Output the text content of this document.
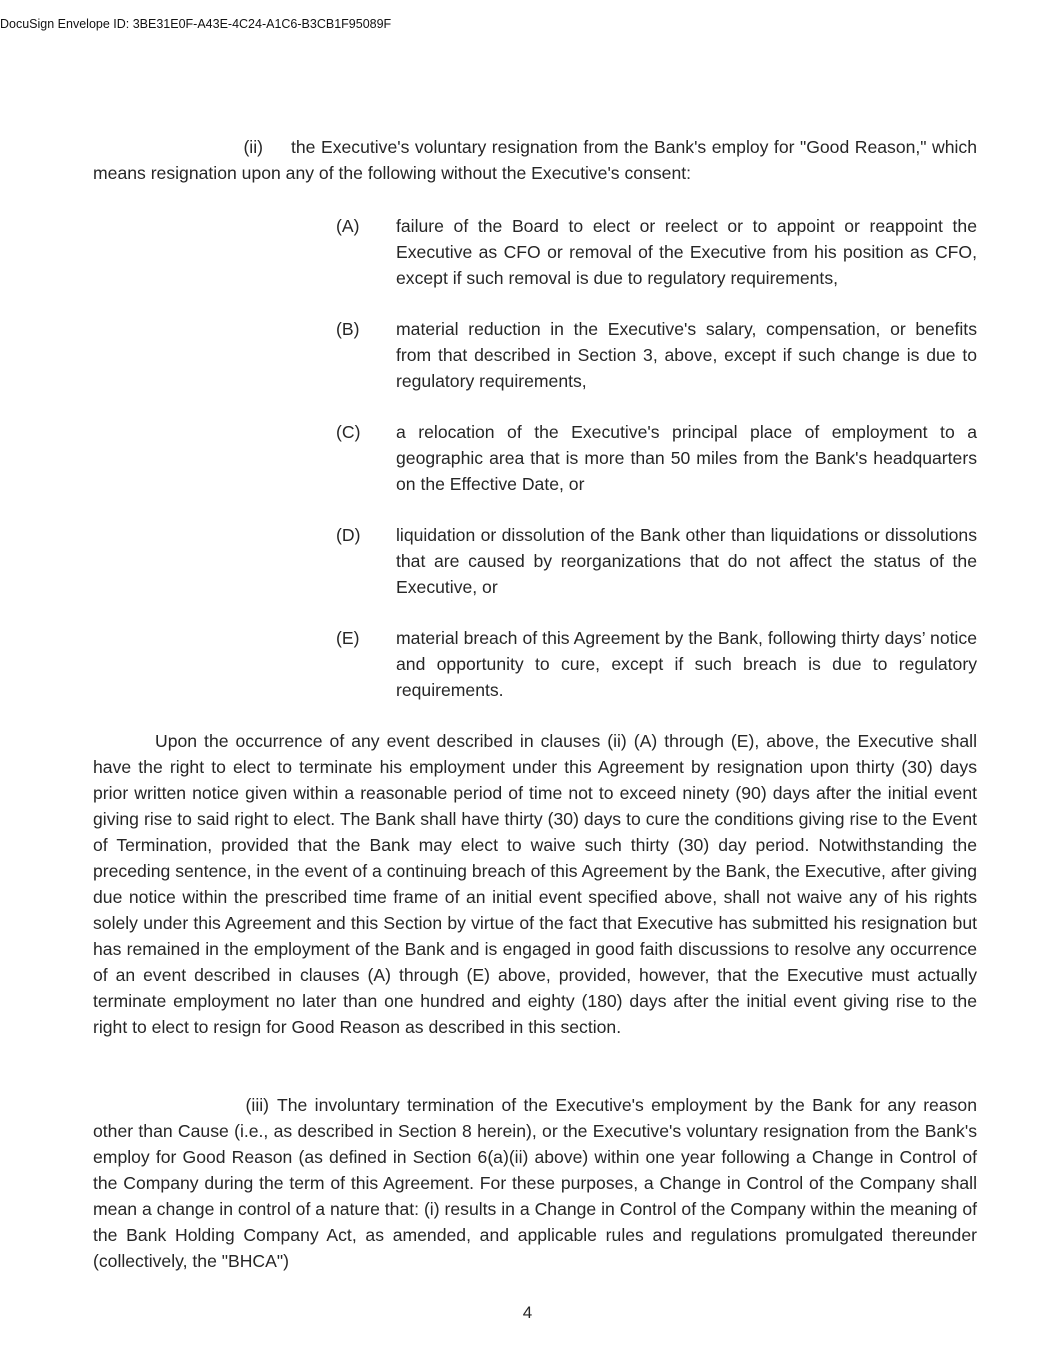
DocuSign Envelope ID: 3BE31E0F-A43E-4C24-A1C6-B3CB1F95089F
(ii) the Executive's voluntary resignation from the Bank's employ for "Good Reason," which means resignation upon any of the following without the Executive's consent:
(A)	failure of the Board to elect or reelect or to appoint or reappoint the Executive as CFO or removal of the Executive from his position as CFO, except if such removal is due to regulatory requirements,
(B)	material reduction in the Executive's salary, compensation, or benefits from that described in Section 3, above, except if such change is due to regulatory requirements,
(C)	a relocation of the Executive's principal place of employment to a geographic area that is more than 50 miles from the Bank's headquarters on the Effective Date, or
(D)	liquidation or dissolution of the Bank other than liquidations or dissolutions that are caused by reorganizations that do not affect the status of the Executive, or
(E)	material breach of this Agreement by the Bank, following thirty days’ notice and opportunity to cure, except if such breach is due to regulatory requirements.
Upon the occurrence of any event described in clauses (ii) (A) through (E), above, the Executive shall have the right to elect to terminate his employment under this Agreement by resignation upon thirty (30) days prior written notice given within a reasonable period of time not to exceed ninety (90) days after the initial event giving rise to said right to elect. The Bank shall have thirty (30) days to cure the conditions giving rise to the Event of Termination, provided that the Bank may elect to waive such thirty (30) day period. Notwithstanding the preceding sentence, in the event of a continuing breach of this Agreement by the Bank, the Executive, after giving due notice within the prescribed time frame of an initial event specified above, shall not waive any of his rights solely under this Agreement and this Section by virtue of the fact that Executive has submitted his resignation but has remained in the employment of the Bank and is engaged in good faith discussions to resolve any occurrence of an event described in clauses (A) through (E) above, provided, however, that the Executive must actually terminate employment no later than one hundred and eighty (180) days after the initial event giving rise to the right to elect to resign for Good Reason as described in this section.
(iii) The involuntary termination of the Executive's employment by the Bank for any reason other than Cause (i.e., as described in Section 8 herein), or the Executive's voluntary resignation from the Bank's employ for Good Reason (as defined in Section 6(a)(ii) above) within one year following a Change in Control of the Company during the term of this Agreement. For these purposes, a Change in Control of the Company shall mean a change in control of a nature that: (i) results in a Change in Control of the Company within the meaning of the Bank Holding Company Act, as amended, and applicable rules and regulations promulgated thereunder (collectively, the "BHCA")
4
